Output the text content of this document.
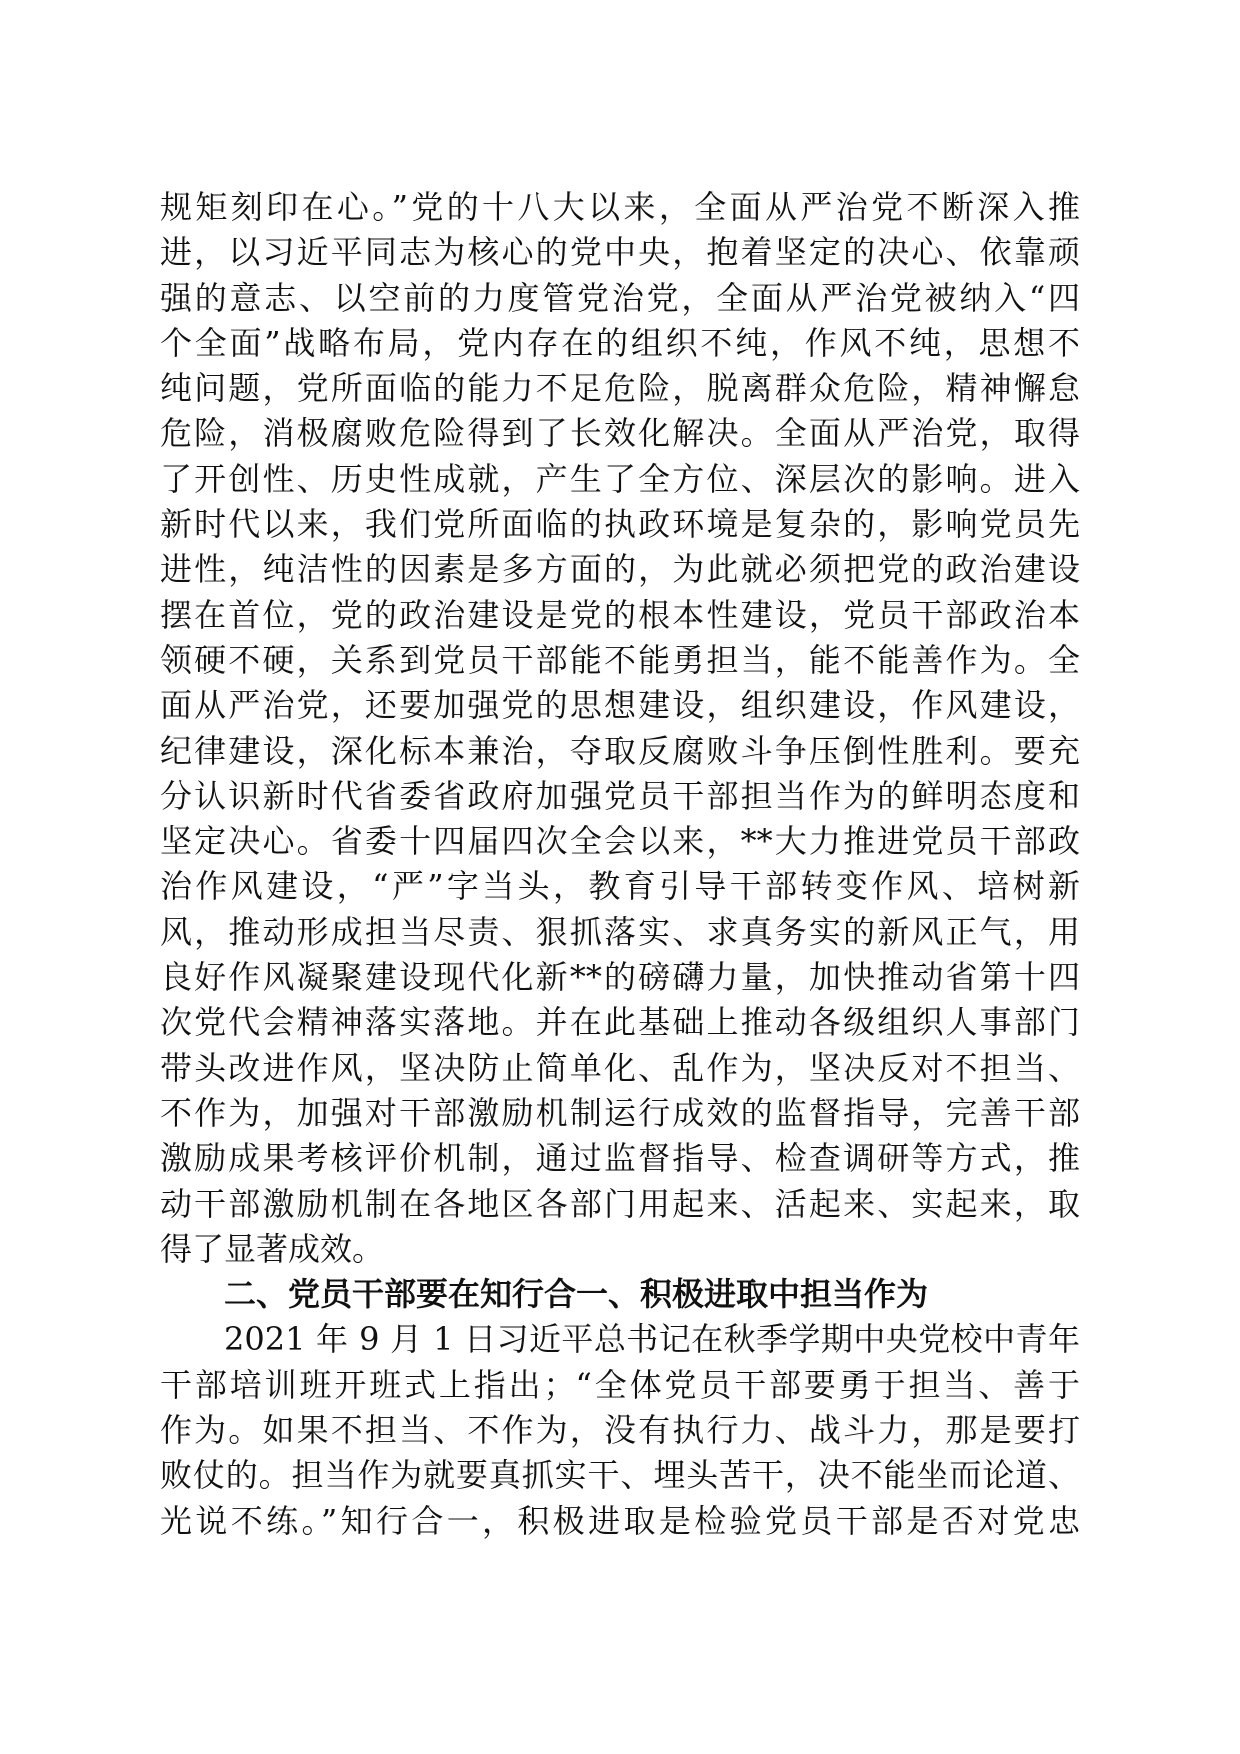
规矩刻印在心。”党的十八大以来，全面从严治党不断深入推
进，以习近平同志为核心的党中央，抱着坚定的决心、依靠顽
强的意志、以空前的力度管党治党，全面从严治党被纳入“四
个全面”战略布局，党内存在的组织不纯，作风不纯，思想不
纯问题，党所面临的能力不足危险，脱离群众危险，精神懈怠
危险，消极腐败危险得到了长效化解决。全面从严治党，取得
了开创性、历史性成就，产生了全方位、深层次的影响。进入
新时代以来，我们党所面临的执政环境是复杂的，影响党员先
进性，纯洁性的因素是多方面的，为此就必须把党的政治建设
摆在首位，党的政治建设是党的根本性建设，党员干部政治本
领硬不硬，关系到党员干部能不能勇担当，能不能善作为。全
面从严治党，还要加强党的思想建设，组织建设，作风建设，
纪律建设，深化标本兼治，夺取反腐败斗争压倒性胜利。要充
分认识新时代省委省政府加强党员干部担当作为的鲜明态度和
坚定决心。省委十四届四次全会以来，**大力推进党员干部政
治作风建设，“严”字当头，教育引导干部转变作风、培树新
风，推动形成担当尽责、狠抓落实、求真务实的新风正气，用
良好作风凝聚建设现代化新**的磅礴力量，加快推动省第十四
次党代会精神落实落地。并在此基础上推动各级组织人事部门
带头改进作风，坚决防止简单化、乱作为，坚决反对不担当、
不作为，加强对干部激励机制运行成效的监督指导，完善干部
激励成果考核评价机制，通过监督指导、检查调研等方式，推
动干部激励机制在各地区各部门用起来、活起来、实起来，取
得了显著成效。
二、党员干部要在知行合一、积极进取中担当作为
2021 年 9 月 1 日习近平总书记在秋季学期中央党校中青年
干部培训班开班式上指出；“全体党员干部要勇于担当、善于
作为。如果不担当、不作为，没有执行力、战斗力，那是要打
败仗的。担当作为就要真抓实干、埋头苦干，决不能坐而论道、
光说不练。”知行合一，积极进取是检验党员干部是否对党忠
